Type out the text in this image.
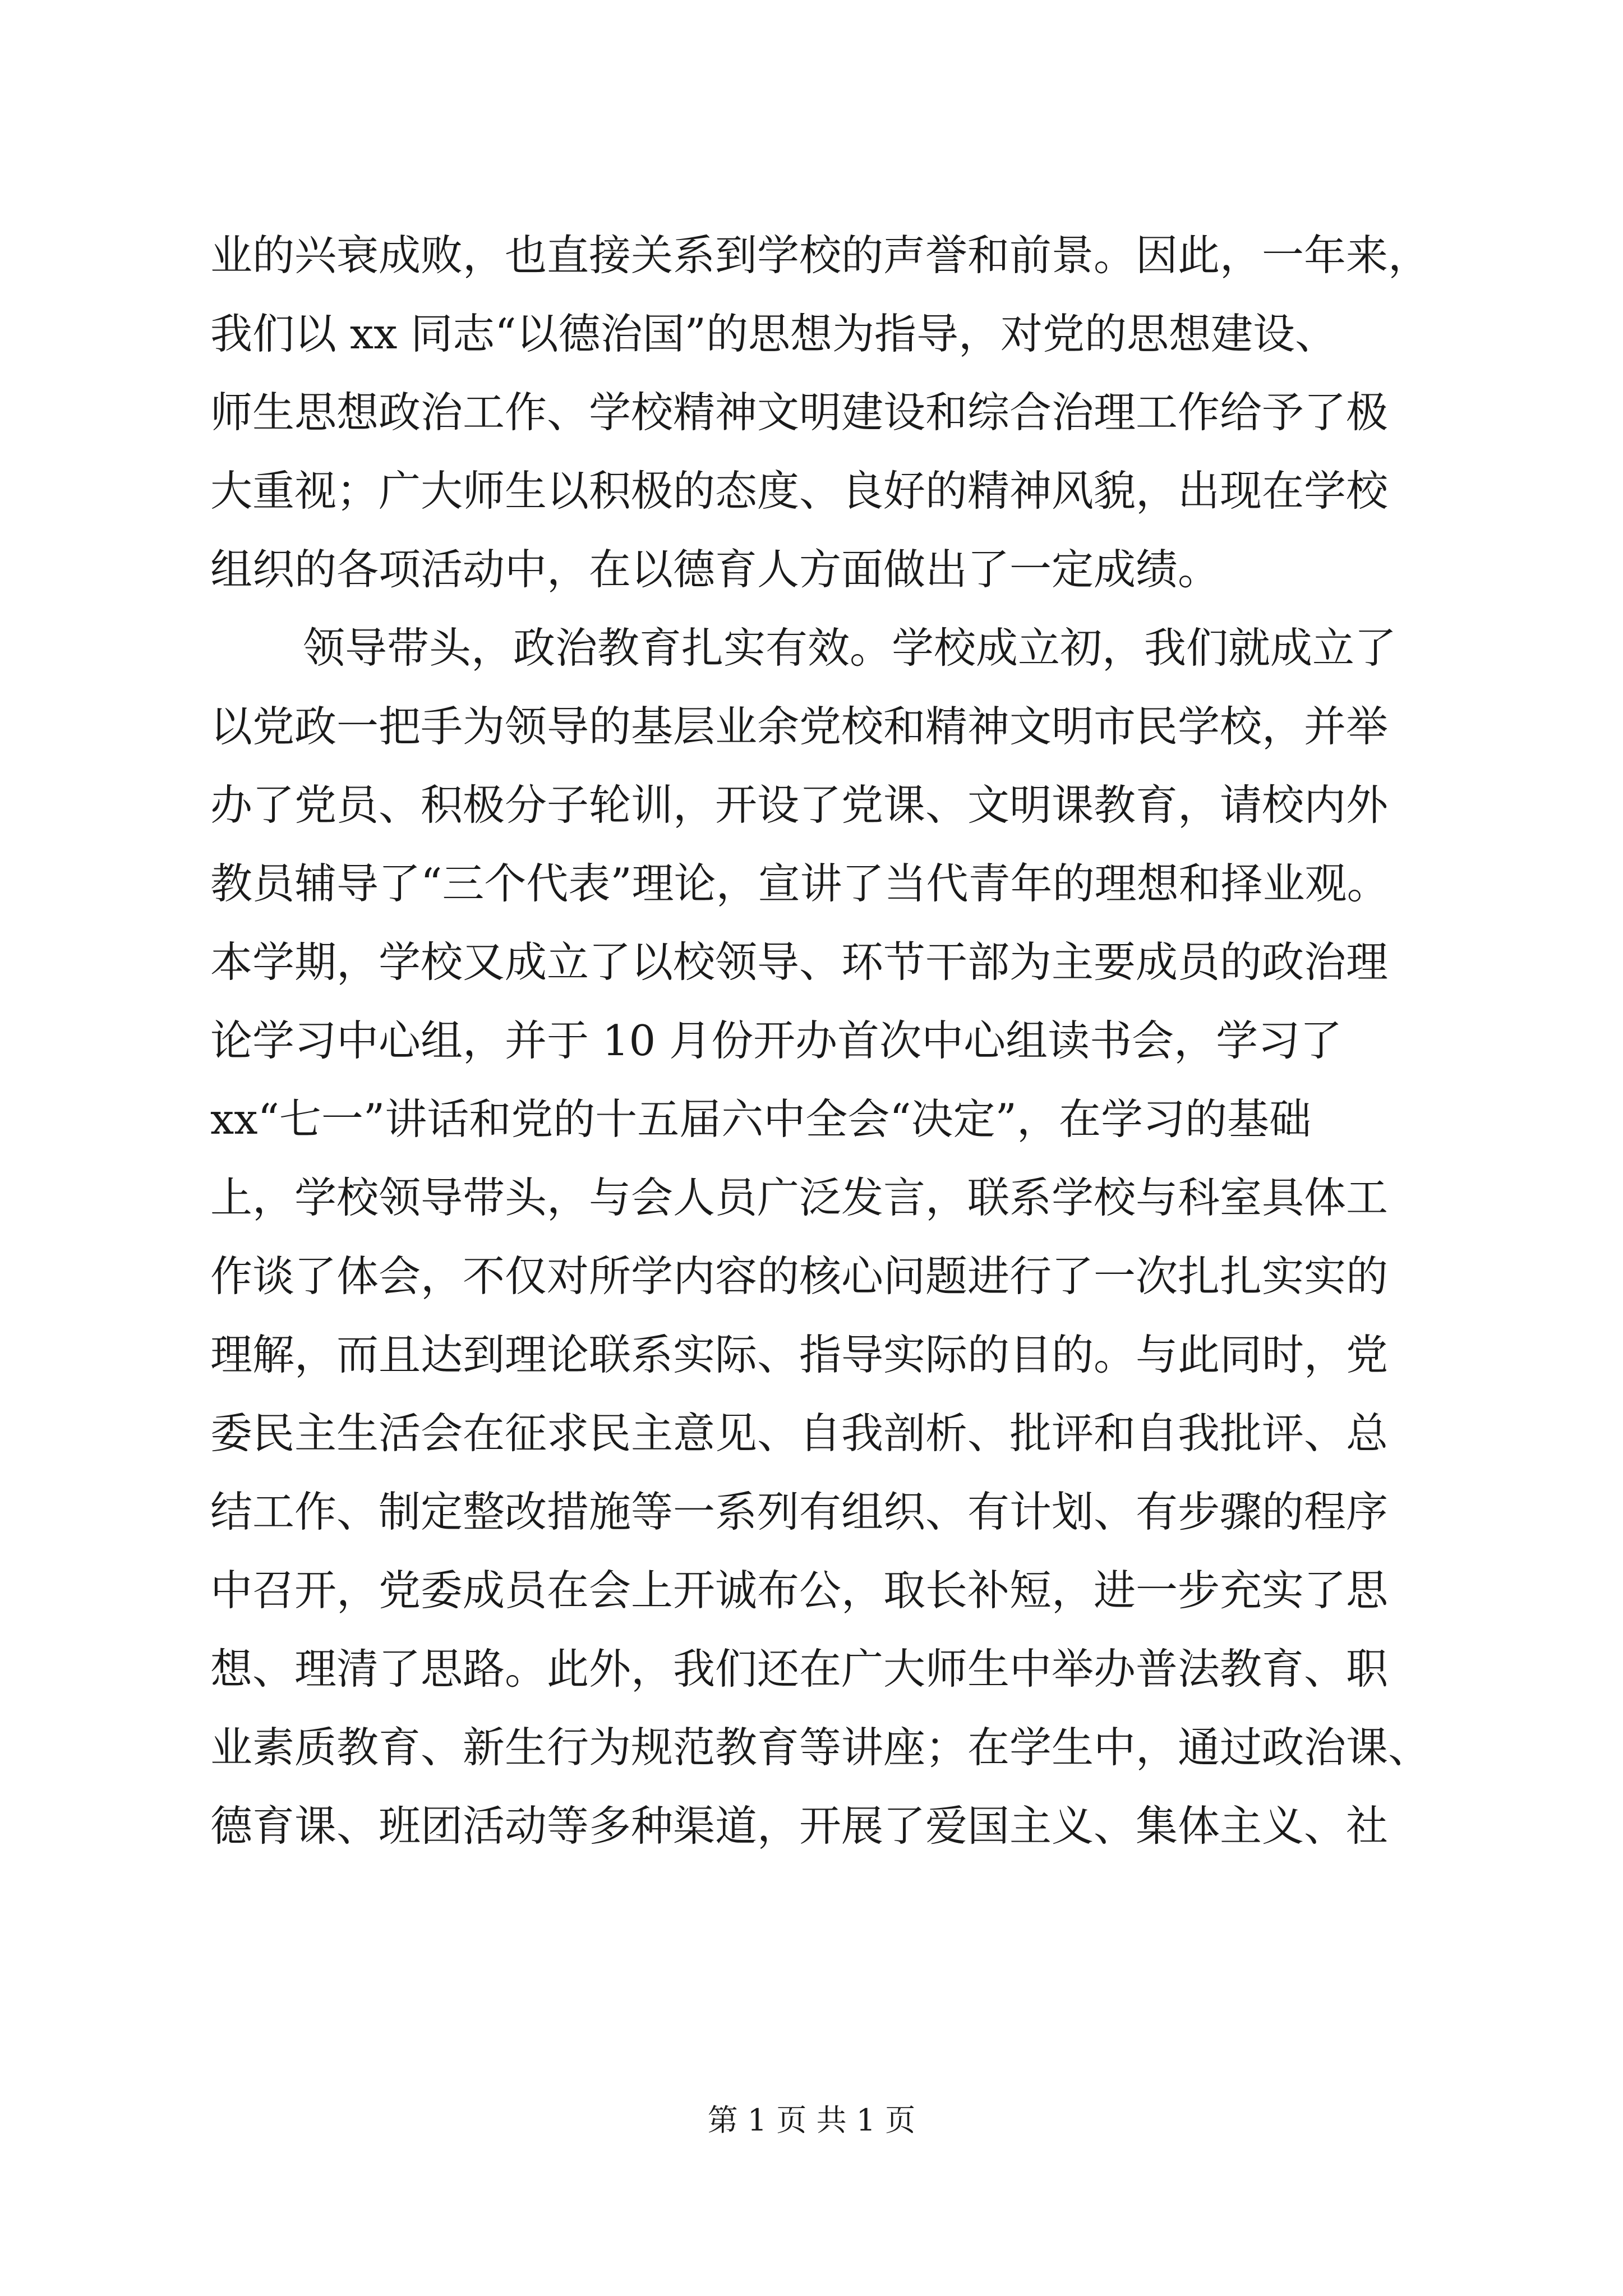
业的兴衰成败，也直接关系到学校的声誉和前景。因此，一年来，
我们以 xx 同志“以德治国”的思想为指导，对党的思想建设、
师生思想政治工作、学校精神文明建设和综合治理工作给予了极
大重视；广大师生以积极的态度、良好的精神风貌，出现在学校
组织的各项活动中，在以德育人方面做出了一定成绩。
领导带头，政治教育扎实有效。学校成立初，我们就成立了
以党政一把手为领导的基层业余党校和精神文明市民学校，并举
办了党员、积极分子轮训，开设了党课、文明课教育，请校内外
教员辅导了“三个代表”理论，宣讲了当代青年的理想和择业观。
本学期，学校又成立了以校领导、环节干部为主要成员的政治理
论学习中心组，并于 10 月份开办首次中心组读书会，学习了
xx“七一”讲话和党的十五届六中全会“决定”，在学习的基础
上，学校领导带头，与会人员广泛发言，联系学校与科室具体工
作谈了体会，不仅对所学内容的核心问题进行了一次扎扎实实的
理解，而且达到理论联系实际、指导实际的目的。与此同时，党
委民主生活会在征求民主意见、自我剖析、批评和自我批评、总
结工作、制定整改措施等一系列有组织、有计划、有步骤的程序
中召开，党委成员在会上开诚布公，取长补短，进一步充实了思
想、理清了思路。此外，我们还在广大师生中举办普法教育、职
业素质教育、新生行为规范教育等讲座；在学生中，通过政治课、
德育课、班团活动等多种渠道，开展了爱国主义、集体主义、社
第 1 页 共 1 页
